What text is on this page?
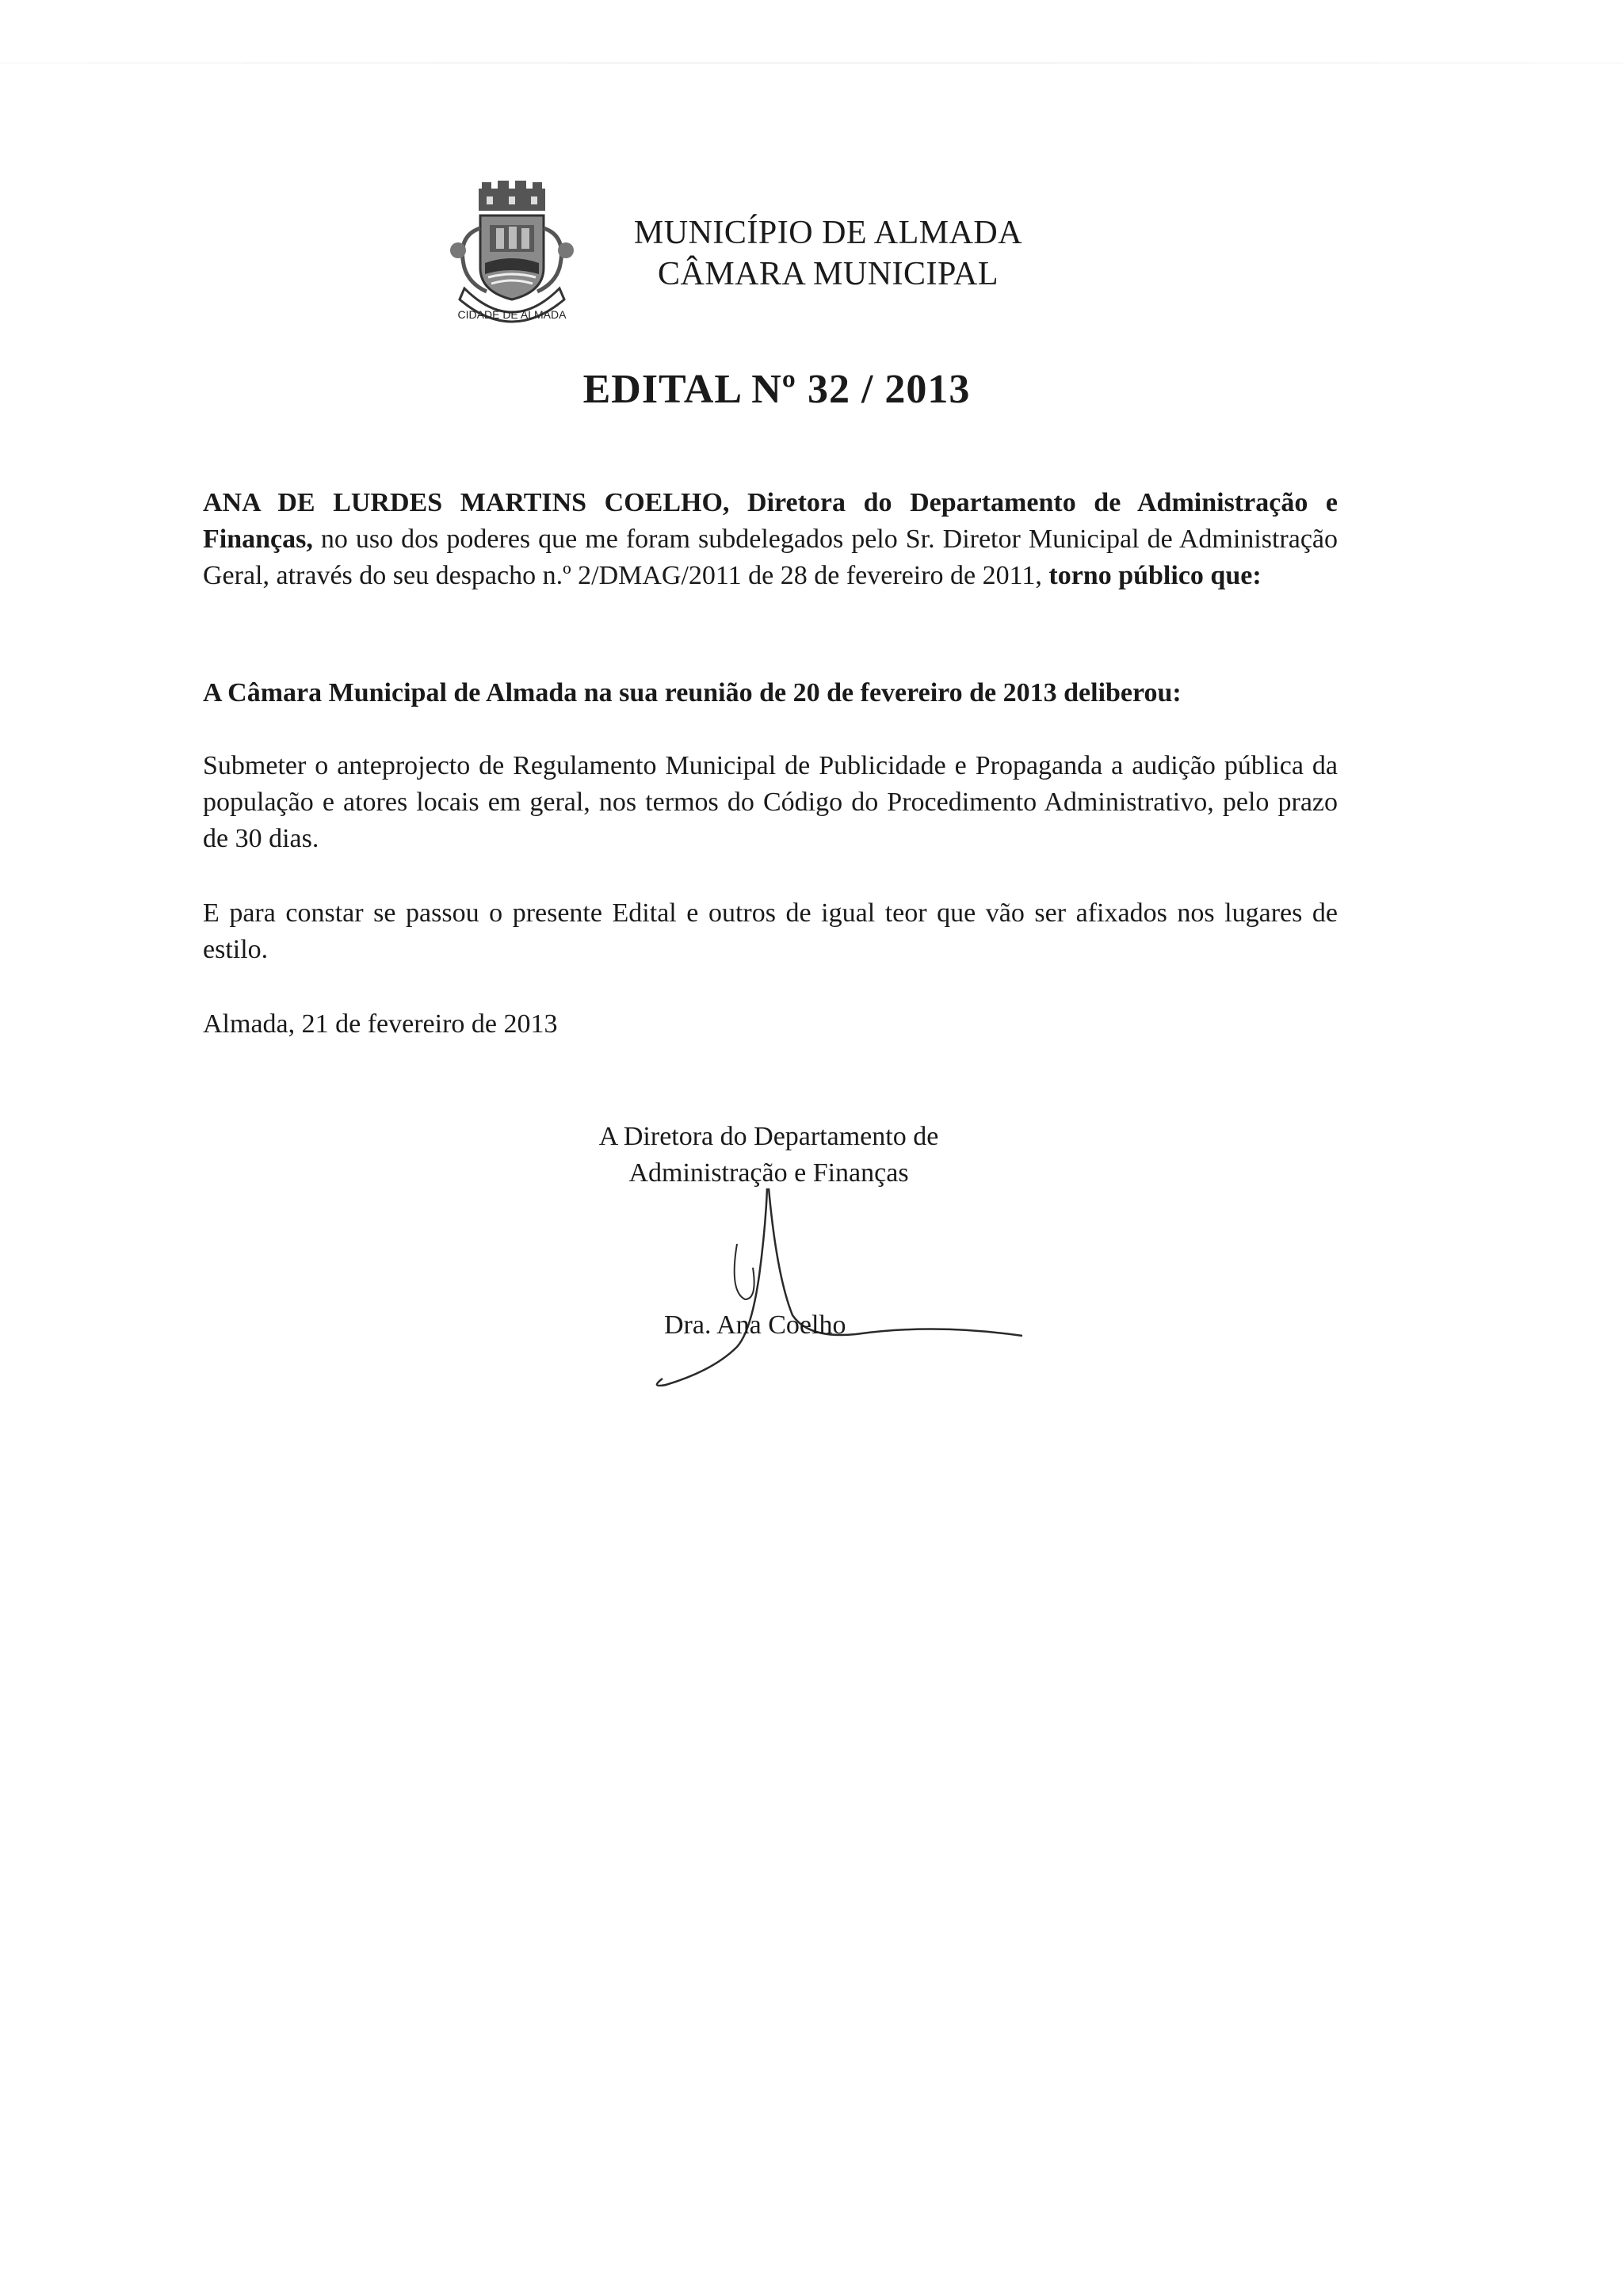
CIDADE DE ALMADA
MUNICÍPIO DE ALMADA
CÂMARA MUNICIPAL
EDITAL Nº 32 / 2013
ANA DE LURDES MARTINS COELHO, Diretora do Departamento de Administração e Finanças, no uso dos poderes que me foram subdelegados pelo Sr. Diretor Municipal de Administração Geral, através do seu despacho n.º 2/DMAG/2011 de 28 de fevereiro de 2011, torno público que:
A Câmara Municipal de Almada na sua reunião de 20 de fevereiro de 2013 deliberou:
Submeter o anteprojecto de Regulamento Municipal de Publicidade e Propaganda a audição pública da população e atores locais em geral, nos termos do Código do Procedimento Administrativo, pelo prazo de 30 dias.
E para constar se passou o presente Edital e outros de igual teor que vão ser afixados nos lugares de estilo.
Almada, 21 de fevereiro de 2013
A Diretora do Departamento de
Administração e Finanças
Dra. Ana Coelho
